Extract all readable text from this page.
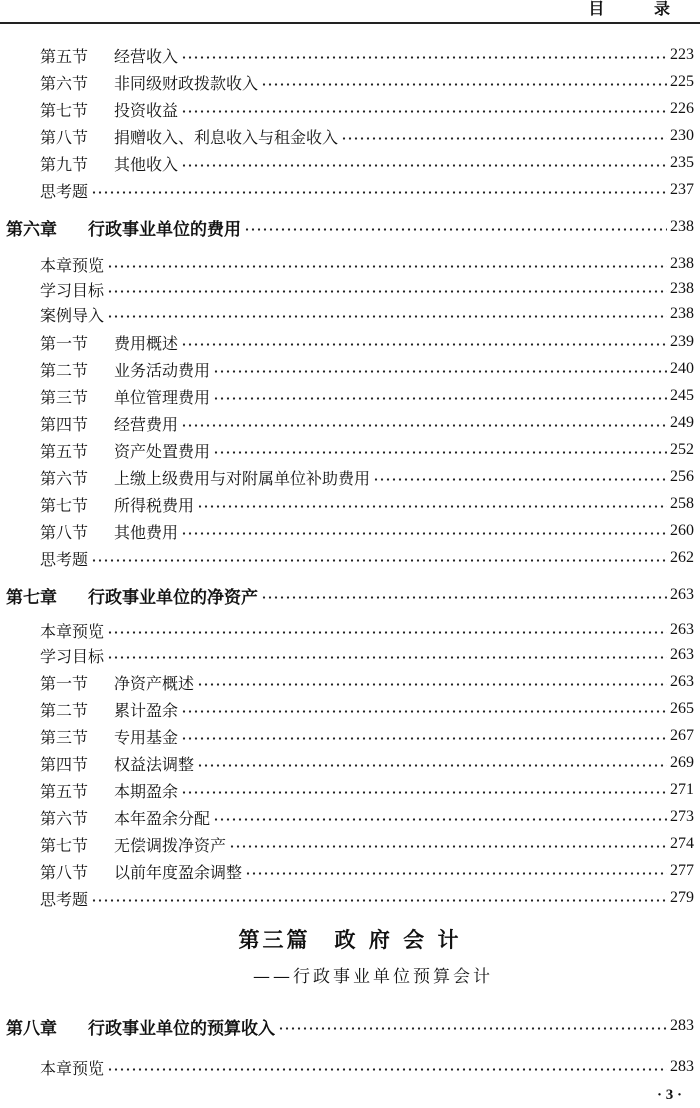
目 录
第五节	经营收入	223
第六节	非同级财政拨款收入	225
第七节	投资收益	226
第八节	捐赠收入、利息收入与租金收入	230
第九节	其他收入	235
思考题	237
第六章	行政事业单位的费用	238
本章预览	238
学习目标	238
案例导入	238
第一节	费用概述	239
第二节	业务活动费用	240
第三节	单位管理费用	245
第四节	经营费用	249
第五节	资产处置费用	252
第六节	上缴上级费用与对附属单位补助费用	256
第七节	所得税费用	258
第八节	其他费用	260
思考题	262
第七章	行政事业单位的净资产	263
本章预览	263
学习目标	263
第一节	净资产概述	263
第二节	累计盈余	265
第三节	专用基金	267
第四节	权益法调整	269
第五节	本期盈余	271
第六节	本年盈余分配	273
第七节	无偿调拨净资产	274
第八节	以前年度盈余调整	277
思考题	279
第八章	行政事业单位的预算收入	283
本章预览	283
第三篇　政 府 会 计
——行政事业单位预算会计
· 3 ·
